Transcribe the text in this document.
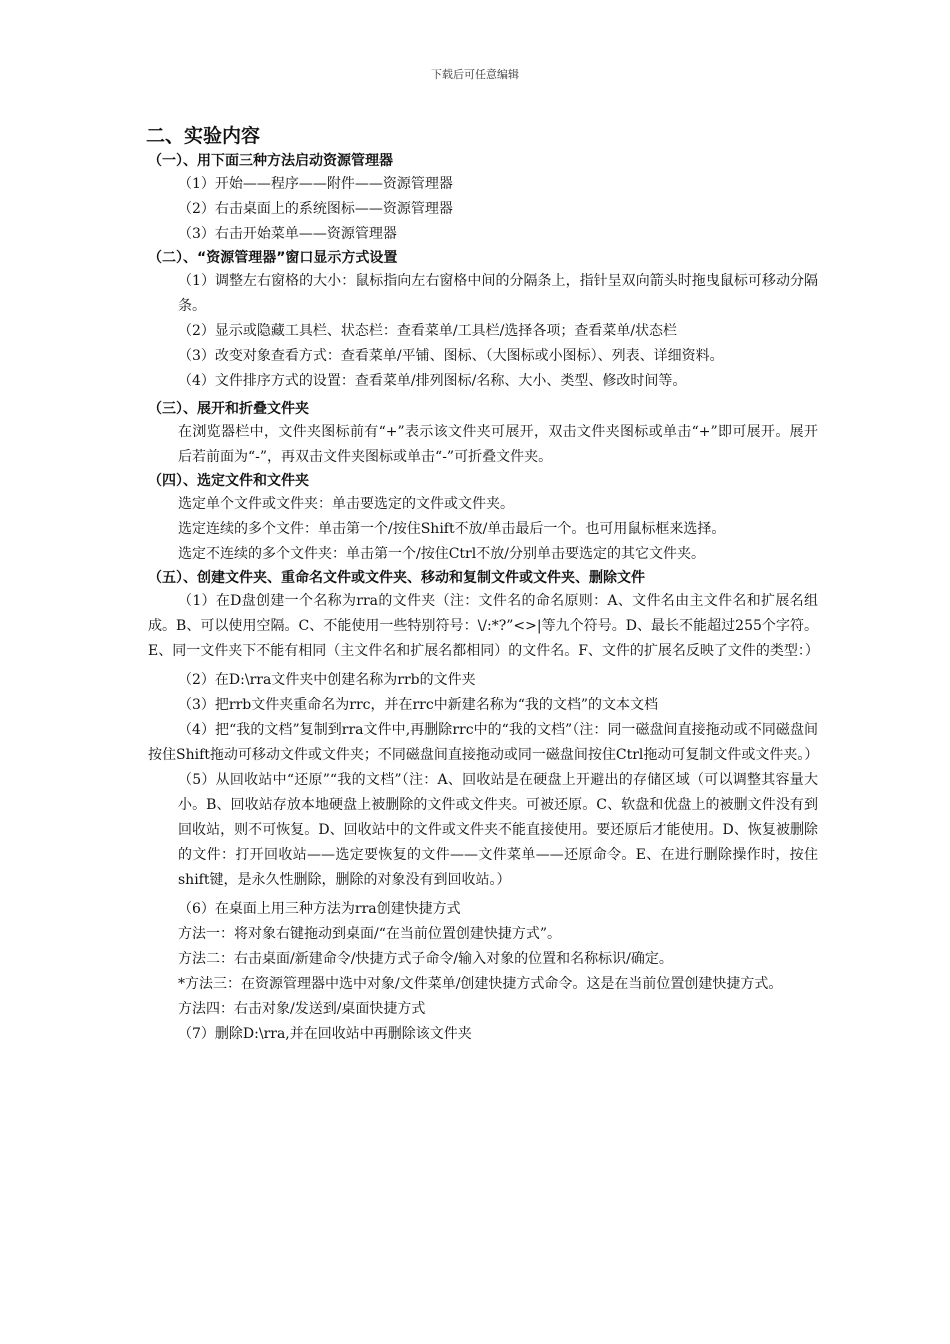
下载后可任意编辑
二、实验内容
（一）、用下面三种方法启动资源管理器
（1）开始——程序——附件——资源管理器
（2）右击桌面上的系统图标——资源管理器
（3）右击开始菜单——资源管理器
（二）、“资源管理器”窗口显示方式设置
（1）调整左右窗格的大小：鼠标指向左右窗格中间的分隔条上，指针呈双向箭头时拖曳鼠标可移动分隔条。
（2）显示或隐藏工具栏、状态栏：查看菜单/工具栏/选择各项；查看菜单/状态栏
（3）改变对象查看方式：查看菜单/平铺、图标、（大图标或小图标）、列表、详细资料。
（4）文件排序方式的设置：查看菜单/排列图标/名称、大小、类型、修改时间等。
（三）、展开和折叠文件夹
在浏览器栏中，文件夹图标前有“+”表示该文件夹可展开，双击文件夹图标或单击“+”即可展开。展开后若前面为“-”，再双击文件夹图标或单击“-”可折叠文件夹。
（四）、选定文件和文件夹
选定单个文件或文件夹：单击要选定的文件或文件夹。
选定连续的多个文件：单击第一个/按住Shift不放/单击最后一个。也可用鼠标框来选择。
选定不连续的多个文件夹：单击第一个/按住Ctrl不放/分别单击要选定的其它文件夹。
（五）、创建文件夹、重命名文件或文件夹、移动和复制文件或文件夹、删除文件
（1）在D盘创建一个名称为rra的文件夹（注：文件名的命名原则：A、文件名由主文件名和扩展名组成。B、可以使用空隔。C、不能使用一些特别符号：\/:*?”<>|等九个符号。D、最长不能超过255个字符。E、同一文件夹下不能有相同（主文件名和扩展名都相同）的文件名。F、文件的扩展名反映了文件的类型：）
（2）在D:\rra文件夹中创建名称为rrb的文件夹
（3）把rrb文件夹重命名为rrc，并在rrc中新建名称为“我的文档”的文本文档
（4）把“我的文档”复制到rra文件中,再删除rrc中的“我的文档”（注：同一磁盘间直接拖动或不同磁盘间按住Shift拖动可移动文件或文件夹；不同磁盘间直接拖动或同一磁盘间按住Ctrl拖动可复制文件或文件夹。）
（5）从回收站中“还原”“我的文档”（注：A、回收站是在硬盘上开避出的存储区域（可以调整其容量大小。B、回收站存放本地硬盘上被删除的文件或文件夹。可被还原。C、软盘和优盘上的被删文件没有到回收站，则不可恢复。D、回收站中的文件或文件夹不能直接使用。要还原后才能使用。D、恢复被删除的文件：打开回收站——选定要恢复的文件——文件菜单——还原命令。E、在进行删除操作时，按住shift键，是永久性删除，删除的对象没有到回收站。）
（6）在桌面上用三种方法为rra创建快捷方式
方法一：将对象右键拖动到桌面/“在当前位置创建快捷方式”。
方法二：右击桌面/新建命令/快捷方式子命令/输入对象的位置和名称标识/确定。
*方法三：在资源管理器中选中对象/文件菜单/创建快捷方式命令。这是在当前位置创建快捷方式。
方法四：右击对象/发送到/桌面快捷方式
（7）删除D:\rra,并在回收站中再删除该文件夹
